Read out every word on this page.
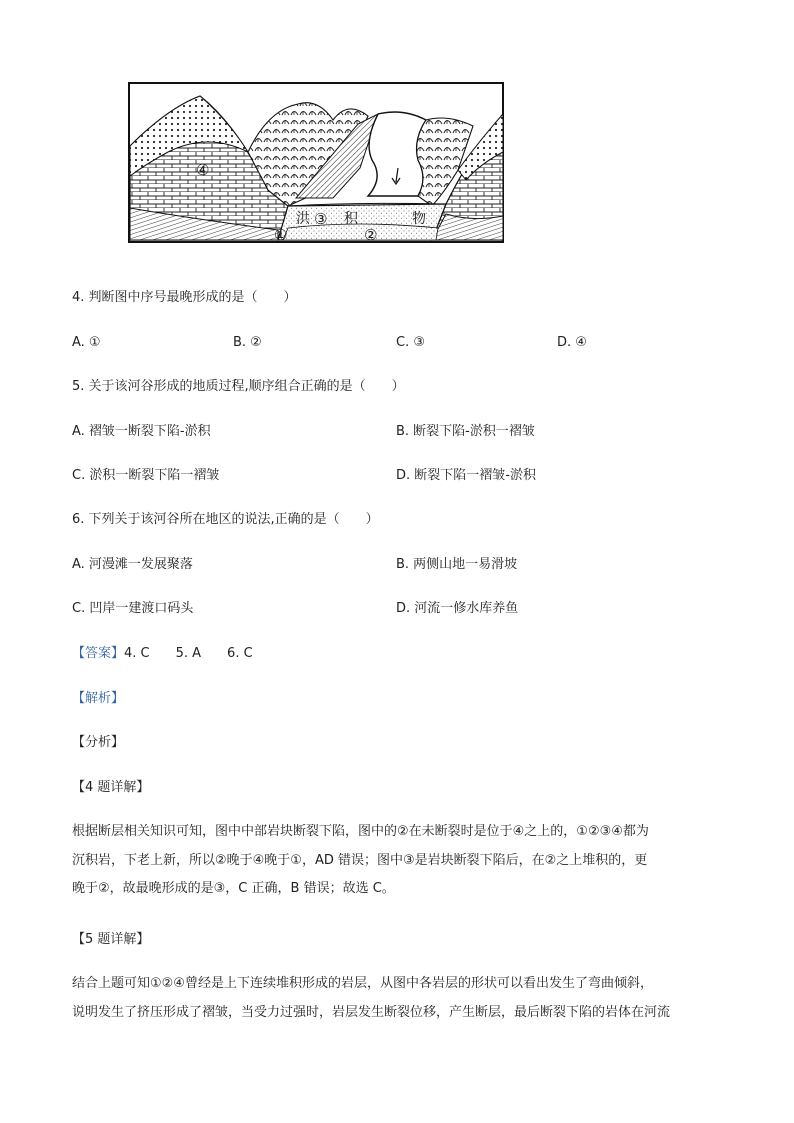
④
①
洪 ③ 积	物
②
4. 判断图中序号最晚形成的是（　　）
A. ①	B. ②	C. ③	D. ④
5. 关于该河谷形成的地质过程,顺序组合正确的是（　　）
A. 褶皱一断裂下陷-淤积	B. 断裂下陷-淤积一褶皱
C. 淤积一断裂下陷一褶皱	D. 断裂下陷一褶皱-淤积
6. 下列关于该河谷所在地区的说法,正确的是（　　）
A. 河漫滩一发展聚落	B. 两侧山地一易滑坡
C. 凹岸一建渡口码头	D. 河流一修水库养鱼
【答案】4. C　　5. A　　6. C
【解析】
【分析】
【4 题详解】
根据断层相关知识可知，图中中部岩块断裂下陷，图中的②在未断裂时是位于④之上的，①②③④都为
沉积岩，下老上新，所以②晚于④晚于①，AD 错误；图中③是岩块断裂下陷后，在②之上堆积的，更
晚于②，故最晚形成的是③，C 正确，B 错误；故选 C。
【5 题详解】
结合上题可知①②④曾经是上下连续堆积形成的岩层，从图中各岩层的形状可以看出发生了弯曲倾斜，
说明发生了挤压形成了褶皱，当受力过强时，岩层发生断裂位移，产生断层，最后断裂下陷的岩体在河流
